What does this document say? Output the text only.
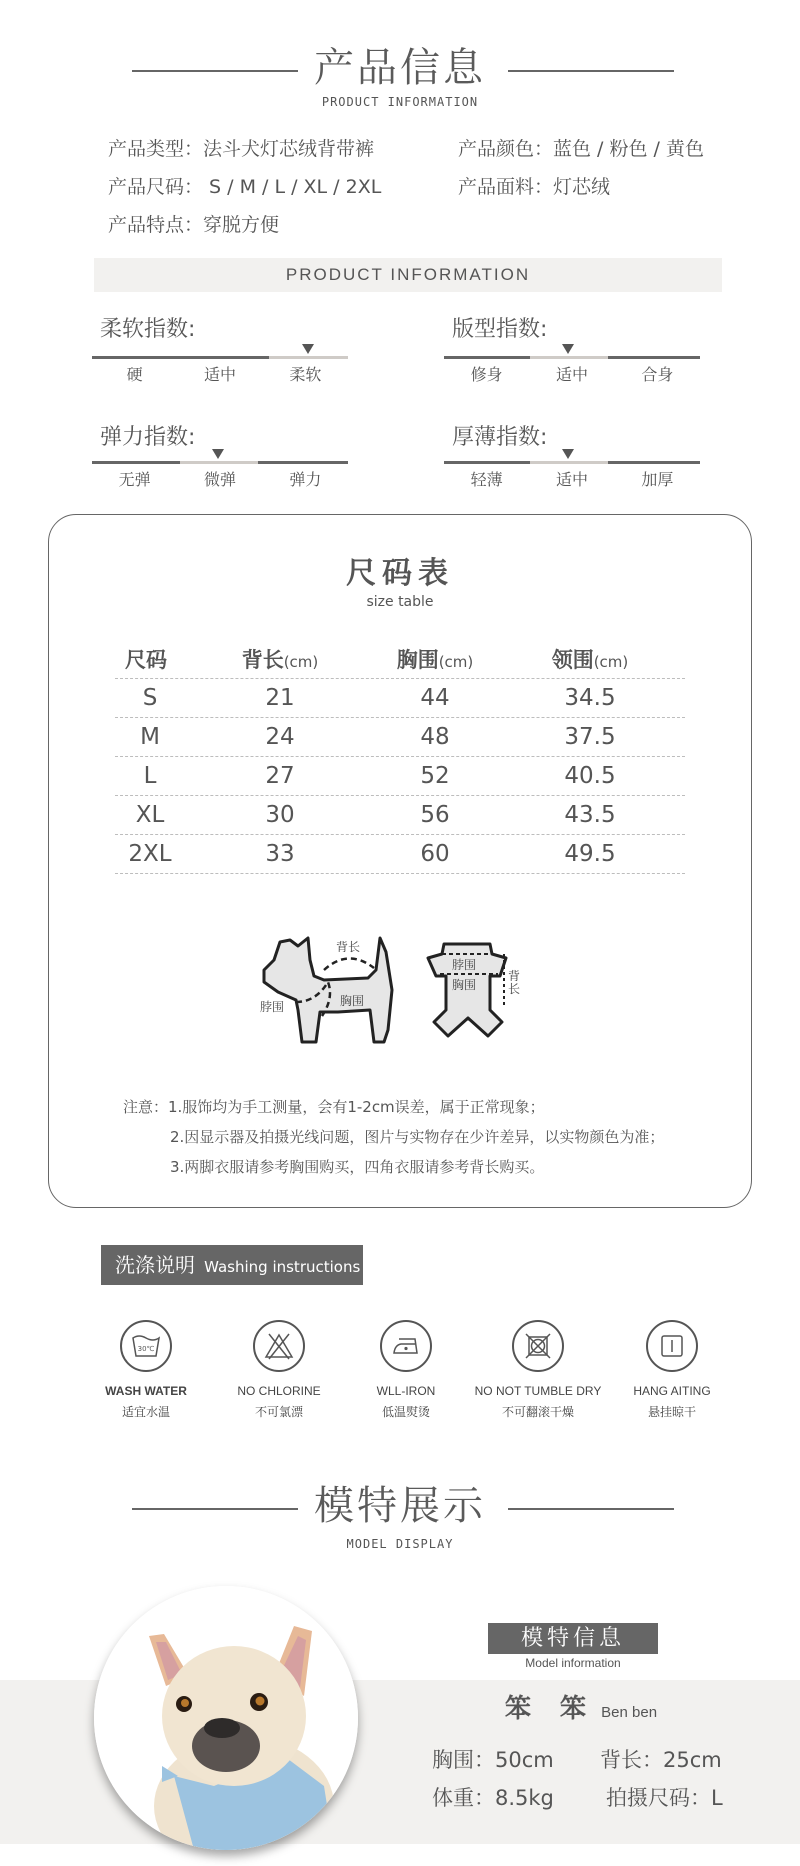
产品信息
PRODUCT INFORMATION
产品类型：法斗犬灯芯绒背带裤	产品颜色：蓝色 / 粉色 / 黄色
产品尺码： S / M / L / XL / 2XL	产品面料：灯芯绒
产品特点：穿脱方便
PRODUCT INFORMATION
柔软指数:
硬	适中	柔软
版型指数:
修身	适中	合身
弹力指数:
无弹	微弹	弹力
厚薄指数:
轻薄	适中	加厚
尺码表
size table
尺码	背长(cm)	胸围(cm)	领围(cm)
S	21	44	34.5
M	24	48	37.5
L	27	52	40.5
XL	30	56	43.5
2XL	33	60	49.5
背长
脖围	胸围
脖围
胸围
背长
注意：1.服饰均为手工测量，会有1-2cm误差，属于正常现象；
2.因显示器及拍摄光线问题，图片与实物存在少许差异，以实物颜色为准；
3.两脚衣服请参考胸围购买，四角衣服请参考背长购买。
洗涤说明 Washing instructions
30℃
WASH WATER
适宜水温
NO CHLORINE
不可氯漂
WLL-IRON
低温熨烫
NO NOT TUMBLE DRY
不可翻滚干燥
HANG AITING
悬挂晾干
模特展示
MODEL DISPLAY
模特信息
Model information
笨 笨 Ben ben
胸围：50cm 背长：25cm
体重：8.5kg 拍摄尺码：L
